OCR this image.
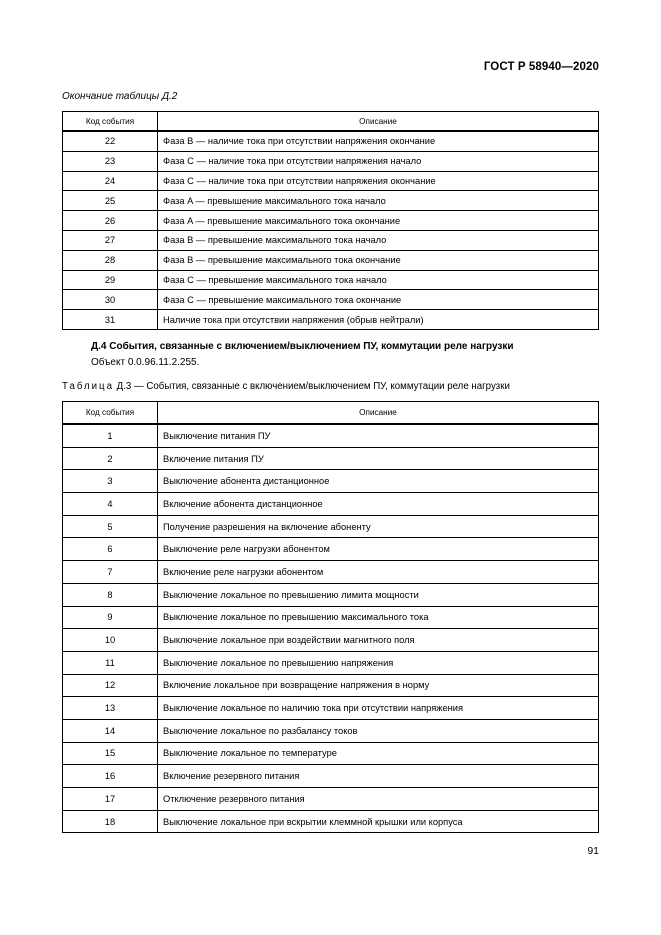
ГОСТ Р 58940—2020
Окончание таблицы Д.2
Код события	Описание
22	Фаза B — наличие тока при отсутствии напряжения окончание
23	Фаза C — наличие тока при отсутствии напряжения начало
24	Фаза C — наличие тока при отсутствии напряжения окончание
25	Фаза A — превышение максимального тока начало
26	Фаза A — превышение максимального тока окончание
27	Фаза B — превышение максимального тока начало
28	Фаза B — превышение максимального тока окончание
29	Фаза C — превышение максимального тока начало
30	Фаза C — превышение максимального тока окончание
31	Наличие тока при отсутствии напряжения (обрыв нейтрали)
Д.4 События, связанные с включением/выключением ПУ, коммутации реле нагрузки
Объект 0.0.96.11.2.255.
Таблица Д.3 — События, связанные с включением/выключением ПУ, коммутации реле нагрузки
Код события	Описание
1	Выключение питания ПУ
2	Включение питания ПУ
3	Выключение абонента дистанционное
4	Включение абонента дистанционное
5	Получение разрешения на включение абоненту
6	Выключение реле нагрузки абонентом
7	Включение реле нагрузки абонентом
8	Выключение локальное по превышению лимита мощности
9	Выключение локальное по превышению максимального тока
10	Выключение локальное при воздействии магнитного поля
11	Выключение локальное по превышению напряжения
12	Включение локальное при возвращение напряжения в норму
13	Выключение локальное по наличию тока при отсутствии напряжения
14	Выключение локальное по разбалансу токов
15	Выключение локальное по температуре
16	Включение резервного питания
17	Отключение резервного питания
18	Выключение локальное при вскрытии клеммной крышки или корпуса
91
